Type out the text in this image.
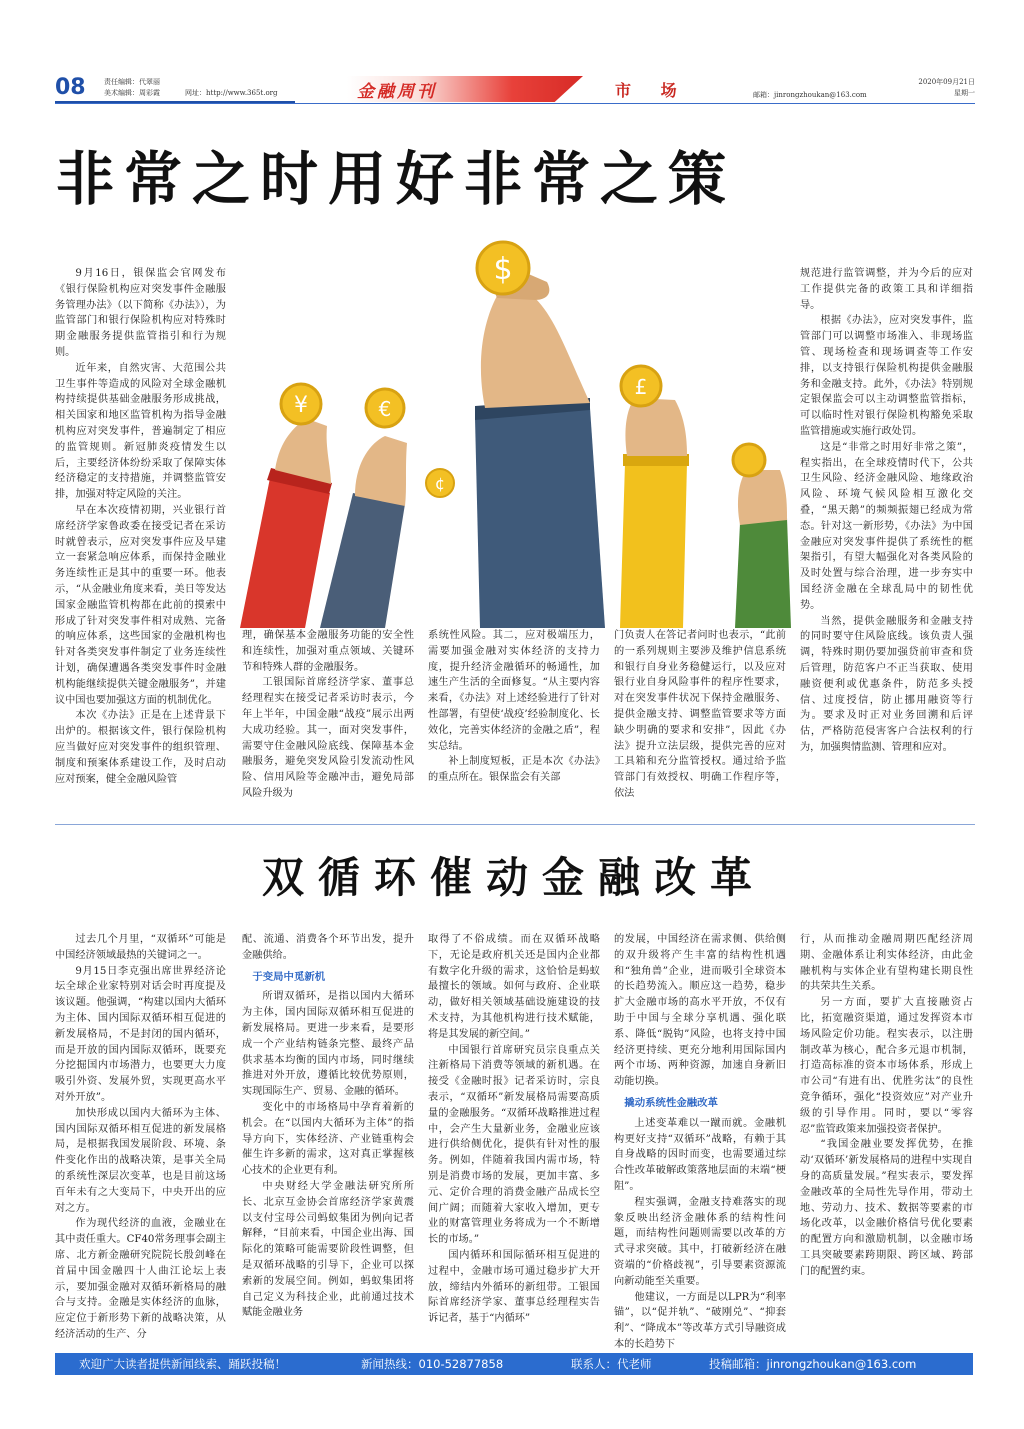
08	责任编辑：代翠丽
美术编辑：周彩霞	网址：http://www.365t.org	金融周刊	市 场	邮箱：jinrongzhoukan@163.com
2020年09月21日
星期一
非常之时用好非常之策
¥	€
$
¢
£

9月16日，银保监会官网发布《银行保险机构应对突发事件金融服务管理办法》（以下简称《办法》），为监管部门和银行保险机构应对特殊时期金融服务提供监管指引和行为规则。

近年来，自然灾害、大范围公共卫生事件等造成的风险对全球金融机构持续提供基础金融服务形成挑战，相关国家和地区监管机构为指导金融机构应对突发事件，普遍制定了相应的监管规则。新冠肺炎疫情发生以后，主要经济体纷纷采取了保障实体经济稳定的支持措施，并调整监管安排，加强对特定风险的关注。

早在本次疫情初期，兴业银行首席经济学家鲁政委在接受记者在采访时就曾表示，应对突发事件应及早建立一套紧急响应体系，而保持金融业务连续性正是其中的重要一环。他表示，“从金融业角度来看，美日等发达国家金融监管机构都在此前的摸索中形成了针对突发事件相对成熟、完备的响应体系，这些国家的金融机构也针对各类突发事件制定了业务连续性计划，确保遭遇各类突发事件时金融机构能继续提供关键金融服务”，并建议中国也要加强这方面的机制优化。

本次《办法》正是在上述背景下出炉的。根据该文件，银行保险机构应当做好应对突发事件的组织管理、制度和预案体系建设工作，及时启动应对预案，健全金融风险管

理，确保基本金融服务功能的安全性和连续性，加强对重点领域、关键环节和特殊人群的金融服务。

工银国际首席经济学家、董事总经理程实在接受记者采访时表示，今年上半年，中国金融“战疫”展示出两大成功经验。其一，面对突发事件，需要守住金融风险底线、保障基本金融服务，避免突发风险引发流动性风险、信用风险等金融冲击，避免局部风险升级为

系统性风险。其二，应对极端压力，需要加强金融对实体经济的支持力度，提升经济金融循环的畅通性，加速生产生活的全面修复。“从主要内容来看，《办法》对上述经验进行了针对性部署，有望使‘战疫’经验制度化、长效化，完善实体经济的金融之盾”，程实总结。

补上制度短板，正是本次《办法》的重点所在。银保监会有关部

门负责人在答记者问时也表示，“此前的一系列规则主要涉及维护信息系统和银行自身业务稳健运行，以及应对银行业自身风险事件的程序性要求，对在突发事件状况下保持金融服务、提供金融支持、调整监管要求等方面缺少明确的要求和安排”，因此《办法》提升立法层级，提供完善的应对工具箱和充分监管授权。通过给予监管部门有效授权、明确工作程序等，依法

规范进行监管调整，并为今后的应对工作提供完备的政策工具和详细指导。

根据《办法》，应对突发事件，监管部门可以调整市场准入、非现场监管、现场检查和现场调查等工作安排，以支持银行保险机构提供金融服务和金融支持。此外，《办法》特别规定银保监会可以主动调整监管指标，可以临时性对银行保险机构豁免采取监管措施或实施行政处罚。

这是“非常之时用好非常之策”，程实指出，在全球疫情时代下，公共卫生风险、经济金融风险、地缘政治风险、环境气候风险相互激化交叠，“黑天鹅”的频频振翅已经成为常态。针对这一新形势，《办法》为中国金融应对突发事件提供了系统性的框架指引，有望大幅强化对各类风险的及时处置与综合治理，进一步夯实中国经济金融在全球乱局中的韧性优势。

当然，提供金融服务和金融支持的同时要守住风险底线。该负责人强调，特殊时期仍要加强贷前审查和贷后管理，防范客户不正当获取、使用融资便利或优惠条件，防范多头授信、过度授信，防止挪用融资等行为。要求及时正对业务回溯和后评估，严格防范侵害客户合法权利的行为，加强舆情监测、管理和应对。

双循环催动金融改革

过去几个月里，“双循环”可能是中国经济领域最热的关键词之一。

9月15日李克强出席世界经济论坛全球企业家特别对话会时再度提及该议题。他强调，“构建以国内大循环为主体、国内国际双循环相互促进的新发展格局，不是封闭的国内循环，而是开放的国内国际双循环，既要充分挖掘国内市场潜力，也要更大力度吸引外资、发展外贸，实现更高水平对外开放”。

加快形成以国内大循环为主体、国内国际双循环相互促进的新发展格局，是根据我国发展阶段、环境、条件变化作出的战略决策，是事关全局的系统性深层次变革，也是目前这场百年未有之大变局下，中央开出的应对之方。

作为现代经济的血液，金融业在其中责任重大。CF40常务理事会副主席、北方新金融研究院院长殷剑峰在首届中国金融四十人曲江论坛上表示，要加强金融对双循环新格局的融合与支持。金融是实体经济的血脉，应定位于新形势下新的战略决策，从经济活动的生产、分

配、流通、消费各个环节出发，提升金融供给。

于变局中觅新机

所谓双循环，是指以国内大循环为主体，国内国际双循环相互促进的新发展格局。更进一步来看，是要形成一个产业结构链条完整、最终产品供求基本均衡的国内市场，同时继续推进对外开放，遵循比较优势原则，实现国际生产、贸易、金融的循环。

变化中的市场格局中孕育着新的机会。在“以国内大循环为主体”的指导方向下，实体经济、产业链重构会催生许多新的需求，这对真正掌握核心技术的企业更有利。

中央财经大学金融法研究所所长、北京互金协会首席经济学家黄震以支付宝母公司蚂蚁集团为例向记者解释，“目前来看，中国企业出海、国际化的策略可能需要阶段性调整，但是双循环战略的引导下，企业可以探索新的发展空间。例如，蚂蚁集团将自己定义为科技企业，此前通过技术赋能金融业务

取得了不俗成绩。而在双循环战略下，无论是政府机关还是国内企业都有数字化升级的需求，这恰恰是蚂蚁最擅长的领域。如何与政府、企业联动，做好相关领域基础设施建设的技术支持，为其他机构进行技术赋能，将是其发展的新空间。”

中国银行首席研究员宗良重点关注新格局下消费等领域的新机遇。在接受《金融时报》记者采访时，宗良表示，“双循环”新发展格局需要高质量的金融服务。“双循环战略推进过程中，会产生大量新业务，金融业应该进行供给侧优化，提供有针对性的服务。例如，伴随着我国内需市场，特别是消费市场的发展，更加丰富、多元、定价合理的消费金融产品成长空间广阔；而随着大家收入增加，更专业的财富管理业务将成为一个不断增长的市场。”

国内循环和国际循环相互促进的过程中，金融市场可通过稳步扩大开放，缔结内外循环的新纽带。工银国际首席经济学家、董事总经理程实告诉记者，基于“内循环”

的发展，中国经济在需求侧、供给侧的双升级将产生丰富的结构性机遇和“独角兽”企业，进而吸引全球资本的长趋势流入。顺应这一趋势，稳步扩大金融市场的高水平开放，不仅有助于中国与全球分享机遇、强化联系、降低“脱钩”风险，也将支持中国经济更持续、更充分地利用国际国内两个市场、两种资源，加速自身新旧动能切换。

撬动系统性金融改革

上述变革难以一蹴而就。金融机构更好支持“双循环”战略，有赖于其自身战略的因时而变，也需要通过综合性改革破解政策落地层面的末端“梗阻”。

程实强调，金融支持难落实的现象反映出经济金融体系的结构性问题，而结构性问题则需要以改革的方式寻求突破。其中，打破新经济在融资端的“价格歧视”，引导要素资源流向新动能至关重要。

他建议，一方面是以LPR为“利率锚”，以“促并轨”、“破刚兑”、“抑套利”、“降成本”等改革方式引导融资成本的长趋势下

行，从而推动金融周期匹配经济周期、金融体系让利实体经济，由此金融机构与实体企业有望构建长期良性的共荣共生关系。

另一方面，要扩大直接融资占比，拓宽融资渠道，通过发挥资本市场风险定价功能。程实表示，以注册制改革为核心，配合多元退市机制，打造高标准的资本市场体系，形成上市公司“有进有出、优胜劣汰”的良性竞争循环，强化“投资效应”对产业升级的引导作用。同时，要以“零容忍”监管政策来加强投资者保护。

“我国金融业要发挥优势，在推动‘双循环’新发展格局的进程中实现自身的高质量发展。”程实表示，要发挥金融改革的全局性先导作用，带动土地、劳动力、技术、数据等要素的市场化改革，以金融价格信号优化要素的配置方向和激励机制，以金融市场工具突破要素跨期限、跨区域、跨部门的配置约束。

欢迎广大读者提供新闻线索、踊跃投稿！	新闻热线：010-52877858	联系人：代老师	投稿邮箱：jinrongzhoukan@163.com
